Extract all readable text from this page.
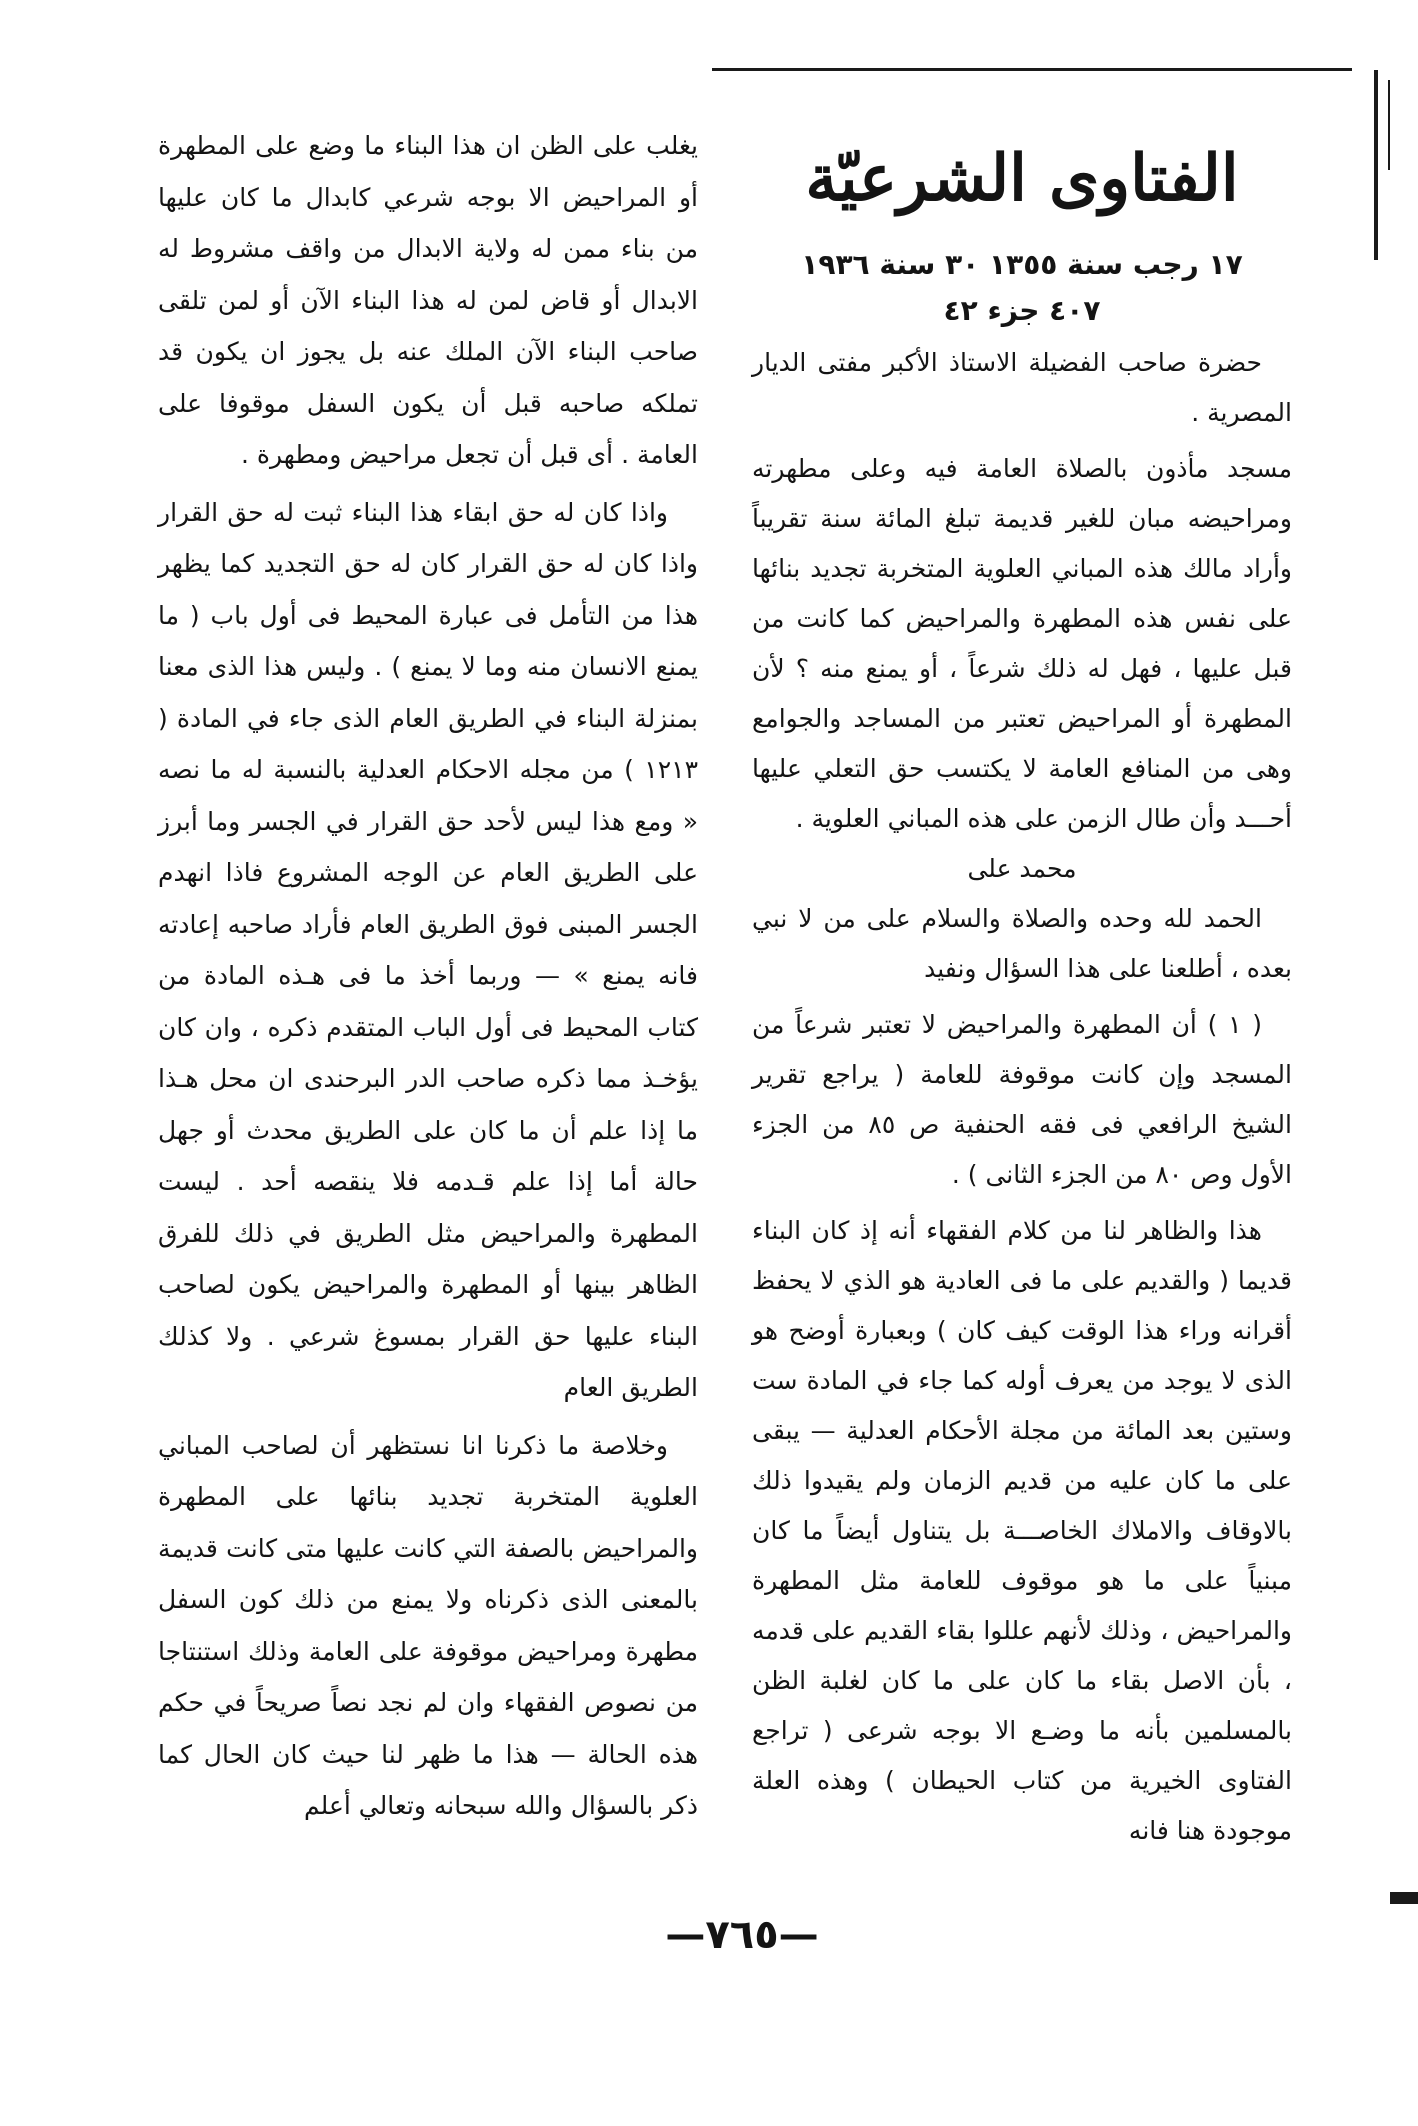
الفتاوى الشرعيّة
١٧ رجب سنة ١٣٥٥ ٣٠ سنة ١٩٣٦
٤٠٧ جزء ٤٢

حضرة صاحب الفضيلة الاستاذ الأكبر مفتى الديار المصرية .

مسجد مأذون بالصلاة العامة فيه وعلى مطهرته ومراحيضه مبان للغير قديمة تبلغ المائة سنة تقريباً وأراد مالك هذه المباني العلوية المتخربة تجديد بنائها على نفس هذه المطهرة والمراحيض كما كانت من قبل عليها ، فهل له ذلك شرعاً ، أو يمنع منه ؟ لأن المطهرة أو المراحيض تعتبر من المساجد والجوامع وهى من المنافع العامة لا يكتسب حق التعلي عليها أحـــد وأن طال الزمن على هذه المباني العلوية .

محمد على

الحمد لله وحده والصلاة والسلام على من لا نبي بعده ، أطلعنا على هذا السؤال ونفيد

( ١ ) أن المطهرة والمراحيض لا تعتبر شرعاً من المسجد وإن كانت موقوفة للعامة ( يراجع تقرير الشيخ الرافعي فى فقه الحنفية ص ٨٥ من الجزء الأول وص ٨٠ من الجزء الثانى ) .

هذا والظاهر لنا من كلام الفقهاء أنه إذ كان البناء قديما ( والقديم على ما فى العادية هو الذي لا يحفظ أقرانه وراء هذا الوقت كيف كان ) وبعبارة أوضح هو الذى لا يوجد من يعرف أوله كما جاء في المادة ست وستين بعد المائة من مجلة الأحكام العدلية — يبقى على ما كان عليه من قديم الزمان ولم يقيدوا ذلك بالاوقاف والاملاك الخاصـــة بل يتناول أيضاً ما كان مبنياً على ما هو موقوف للعامة مثل المطهرة والمراحيض ، وذلك لأنهم عللوا بقاء القديم على قدمه ، بأن الاصل بقاء ما كان على ما كان لغلبة الظن بالمسلمين بأنه ما وضـع الا بوجه شرعى ( تراجع الفتاوى الخيرية من كتاب الحيطان ) وهذه العلة موجودة هنا فانه

يغلب على الظن ان هذا البناء ما وضع على المطهرة أو المراحيض الا بوجه شرعي كابدال ما كان عليها من بناء ممن له ولاية الابدال من واقف مشروط له الابدال أو قاض لمن له هذا البناء الآن أو لمن تلقى صاحب البناء الآن الملك عنه بل يجوز ان يكون قد تملكه صاحبه قبل أن يكون السفل موقوفا على العامة . أى قبل أن تجعل مراحيض ومطهرة .

واذا كان له حق ابقاء هذا البناء ثبت له حق القرار واذا كان له حق القرار كان له حق التجديد كما يظهر هذا من التأمل فى عبارة المحيط فى أول باب ( ما يمنع الانسان منه وما لا يمنع ) . وليس هذا الذى معنا بمنزلة البناء في الطريق العام الذى جاء في المادة ( ١٢١٣ ) من مجله الاحكام العدلية بالنسبة له ما نصه « ومع هذا ليس لأحد حق القرار في الجسر وما أبرز على الطريق العام عن الوجه المشروع فاذا انهدم الجسر المبنى فوق الطريق العام فأراد صاحبه إعادته فانه يمنع » — وربما أخذ ما فى هـذه المادة من كتاب المحيط فى أول الباب المتقدم ذكره ، وان كان يؤخـذ مما ذكره صاحب الدر البرحندى ان محل هـذا ما إذا علم أن ما كان على الطريق محدث أو جهل حالة أما إذا علم قـدمه فلا ينقصه أحد . ليست المطهرة والمراحيض مثل الطريق في ذلك للفرق الظاهر بينها أو المطهرة والمراحيض يكون لصاحب البناء عليها حق القرار بمسوغ شرعي . ولا كذلك الطريق العام

وخلاصة ما ذكرنا انا نستظهر أن لصاحب المباني العلوية المتخربة تجديد بنائها على المطهرة والمراحيض بالصفة التي كانت عليها متى كانت قديمة بالمعنى الذى ذكرناه ولا يمنع من ذلك كون السفل مطهرة ومراحيض موقوفة على العامة وذلك استنتاجا من نصوص الفقهاء وان لم نجد نصاً صريحاً في حكم هذه الحالة — هذا ما ظهر لنا حيث كان الحال كما ذكر بالسؤال والله سبحانه وتعالي أعلم

—٧٦٥—
